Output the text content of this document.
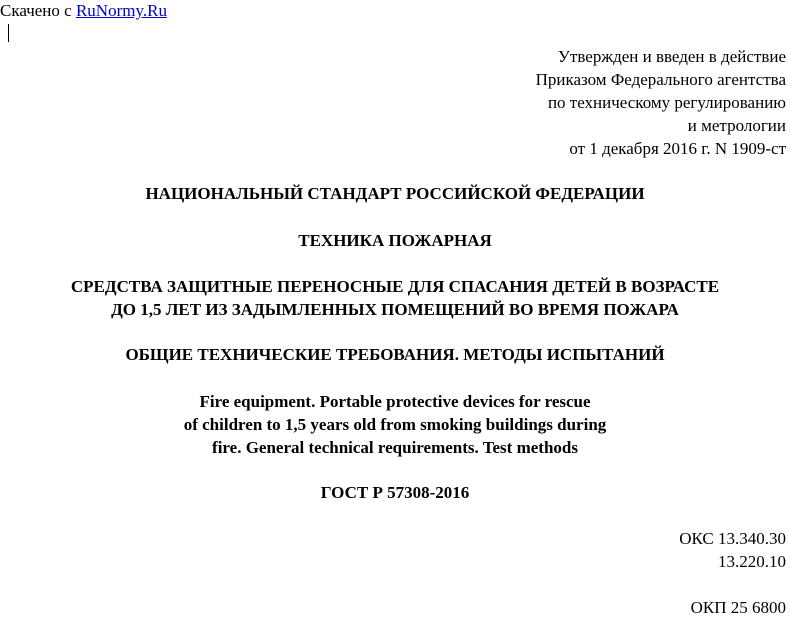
Скачено с RuNormy.Ru
Утвержден и введен в действие
Приказом Федерального агентства
по техническому регулированию
и метрологии
от 1 декабря 2016 г. N 1909-ст
НАЦИОНАЛЬНЫЙ СТАНДАРТ РОССИЙСКОЙ ФЕДЕРАЦИИ
ТЕХНИКА ПОЖАРНАЯ
СРЕДСТВА ЗАЩИТНЫЕ ПЕРЕНОСНЫЕ ДЛЯ СПАСАНИЯ ДЕТЕЙ В ВОЗРАСТЕ
ДО 1,5 ЛЕТ ИЗ ЗАДЫМЛЕННЫХ ПОМЕЩЕНИЙ ВО ВРЕМЯ ПОЖАРА
ОБЩИЕ ТЕХНИЧЕСКИЕ ТРЕБОВАНИЯ. МЕТОДЫ ИСПЫТАНИЙ
Fire equipment. Portable protective devices for rescue
of children to 1,5 years old from smoking buildings during
fire. General technical requirements. Test methods
ГОСТ Р 57308-2016
ОКС 13.340.30
13.220.10
ОКП 25 6800
